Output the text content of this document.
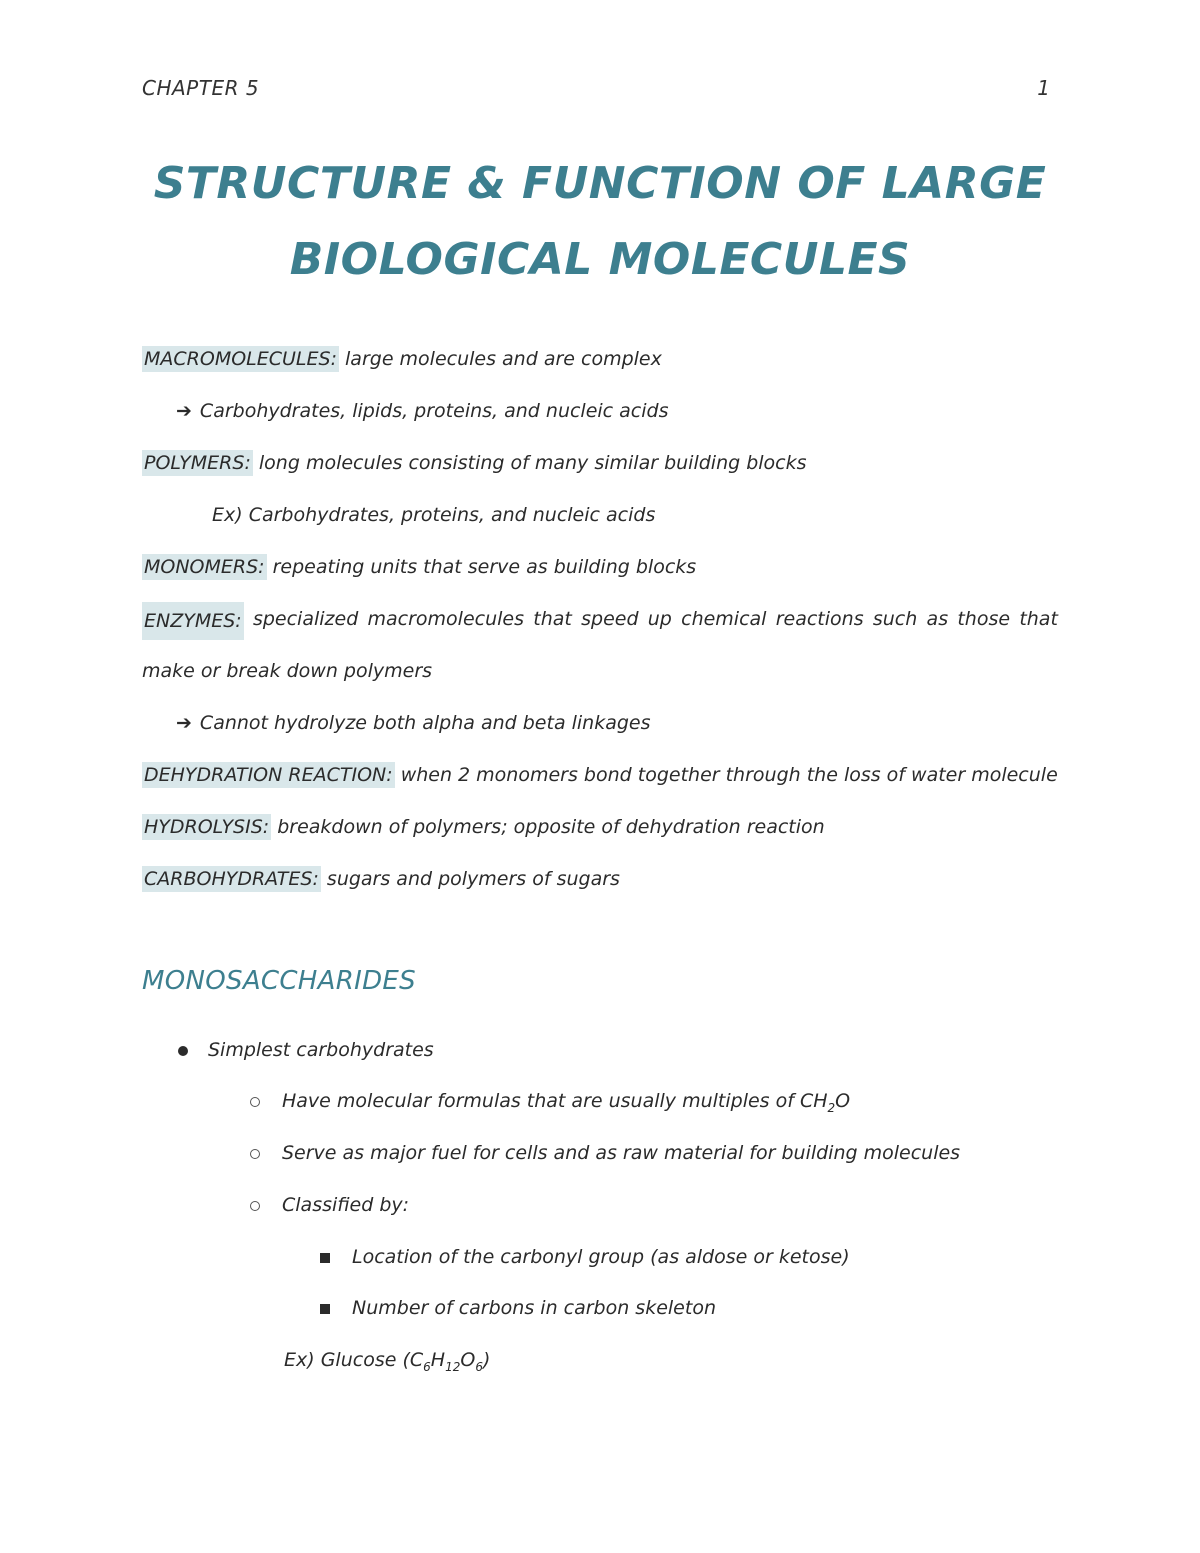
CHAPTER 5	1
STRUCTURE & FUNCTION OF LARGE
BIOLOGICAL MOLECULES
MACROMOLECULES: large molecules and are complex
➔ Carbohydrates, lipids, proteins, and nucleic acids
POLYMERS: long molecules consisting of many similar building blocks
Ex) Carbohydrates, proteins, and nucleic acids
MONOMERS: repeating units that serve as building blocks
ENZYMES: specialized macromolecules that speed up chemical reactions such as those that
make or break down polymers
➔ Cannot hydrolyze both alpha and beta linkages
DEHYDRATION REACTION: when 2 monomers bond together through the loss of water molecule
HYDROLYSIS: breakdown of polymers; opposite of dehydration reaction
CARBOHYDRATES: sugars and polymers of sugars
MONOSACCHARIDES
Simplest carbohydrates
Have molecular formulas that are usually multiples of $CH_2O$
Serve as major fuel for cells and as raw material for building molecules
Classified by:
Location of the carbonyl group (as aldose or ketose)
Number of carbons in carbon skeleton
Ex) Glucose $(C_6H_{12}O_6)$
